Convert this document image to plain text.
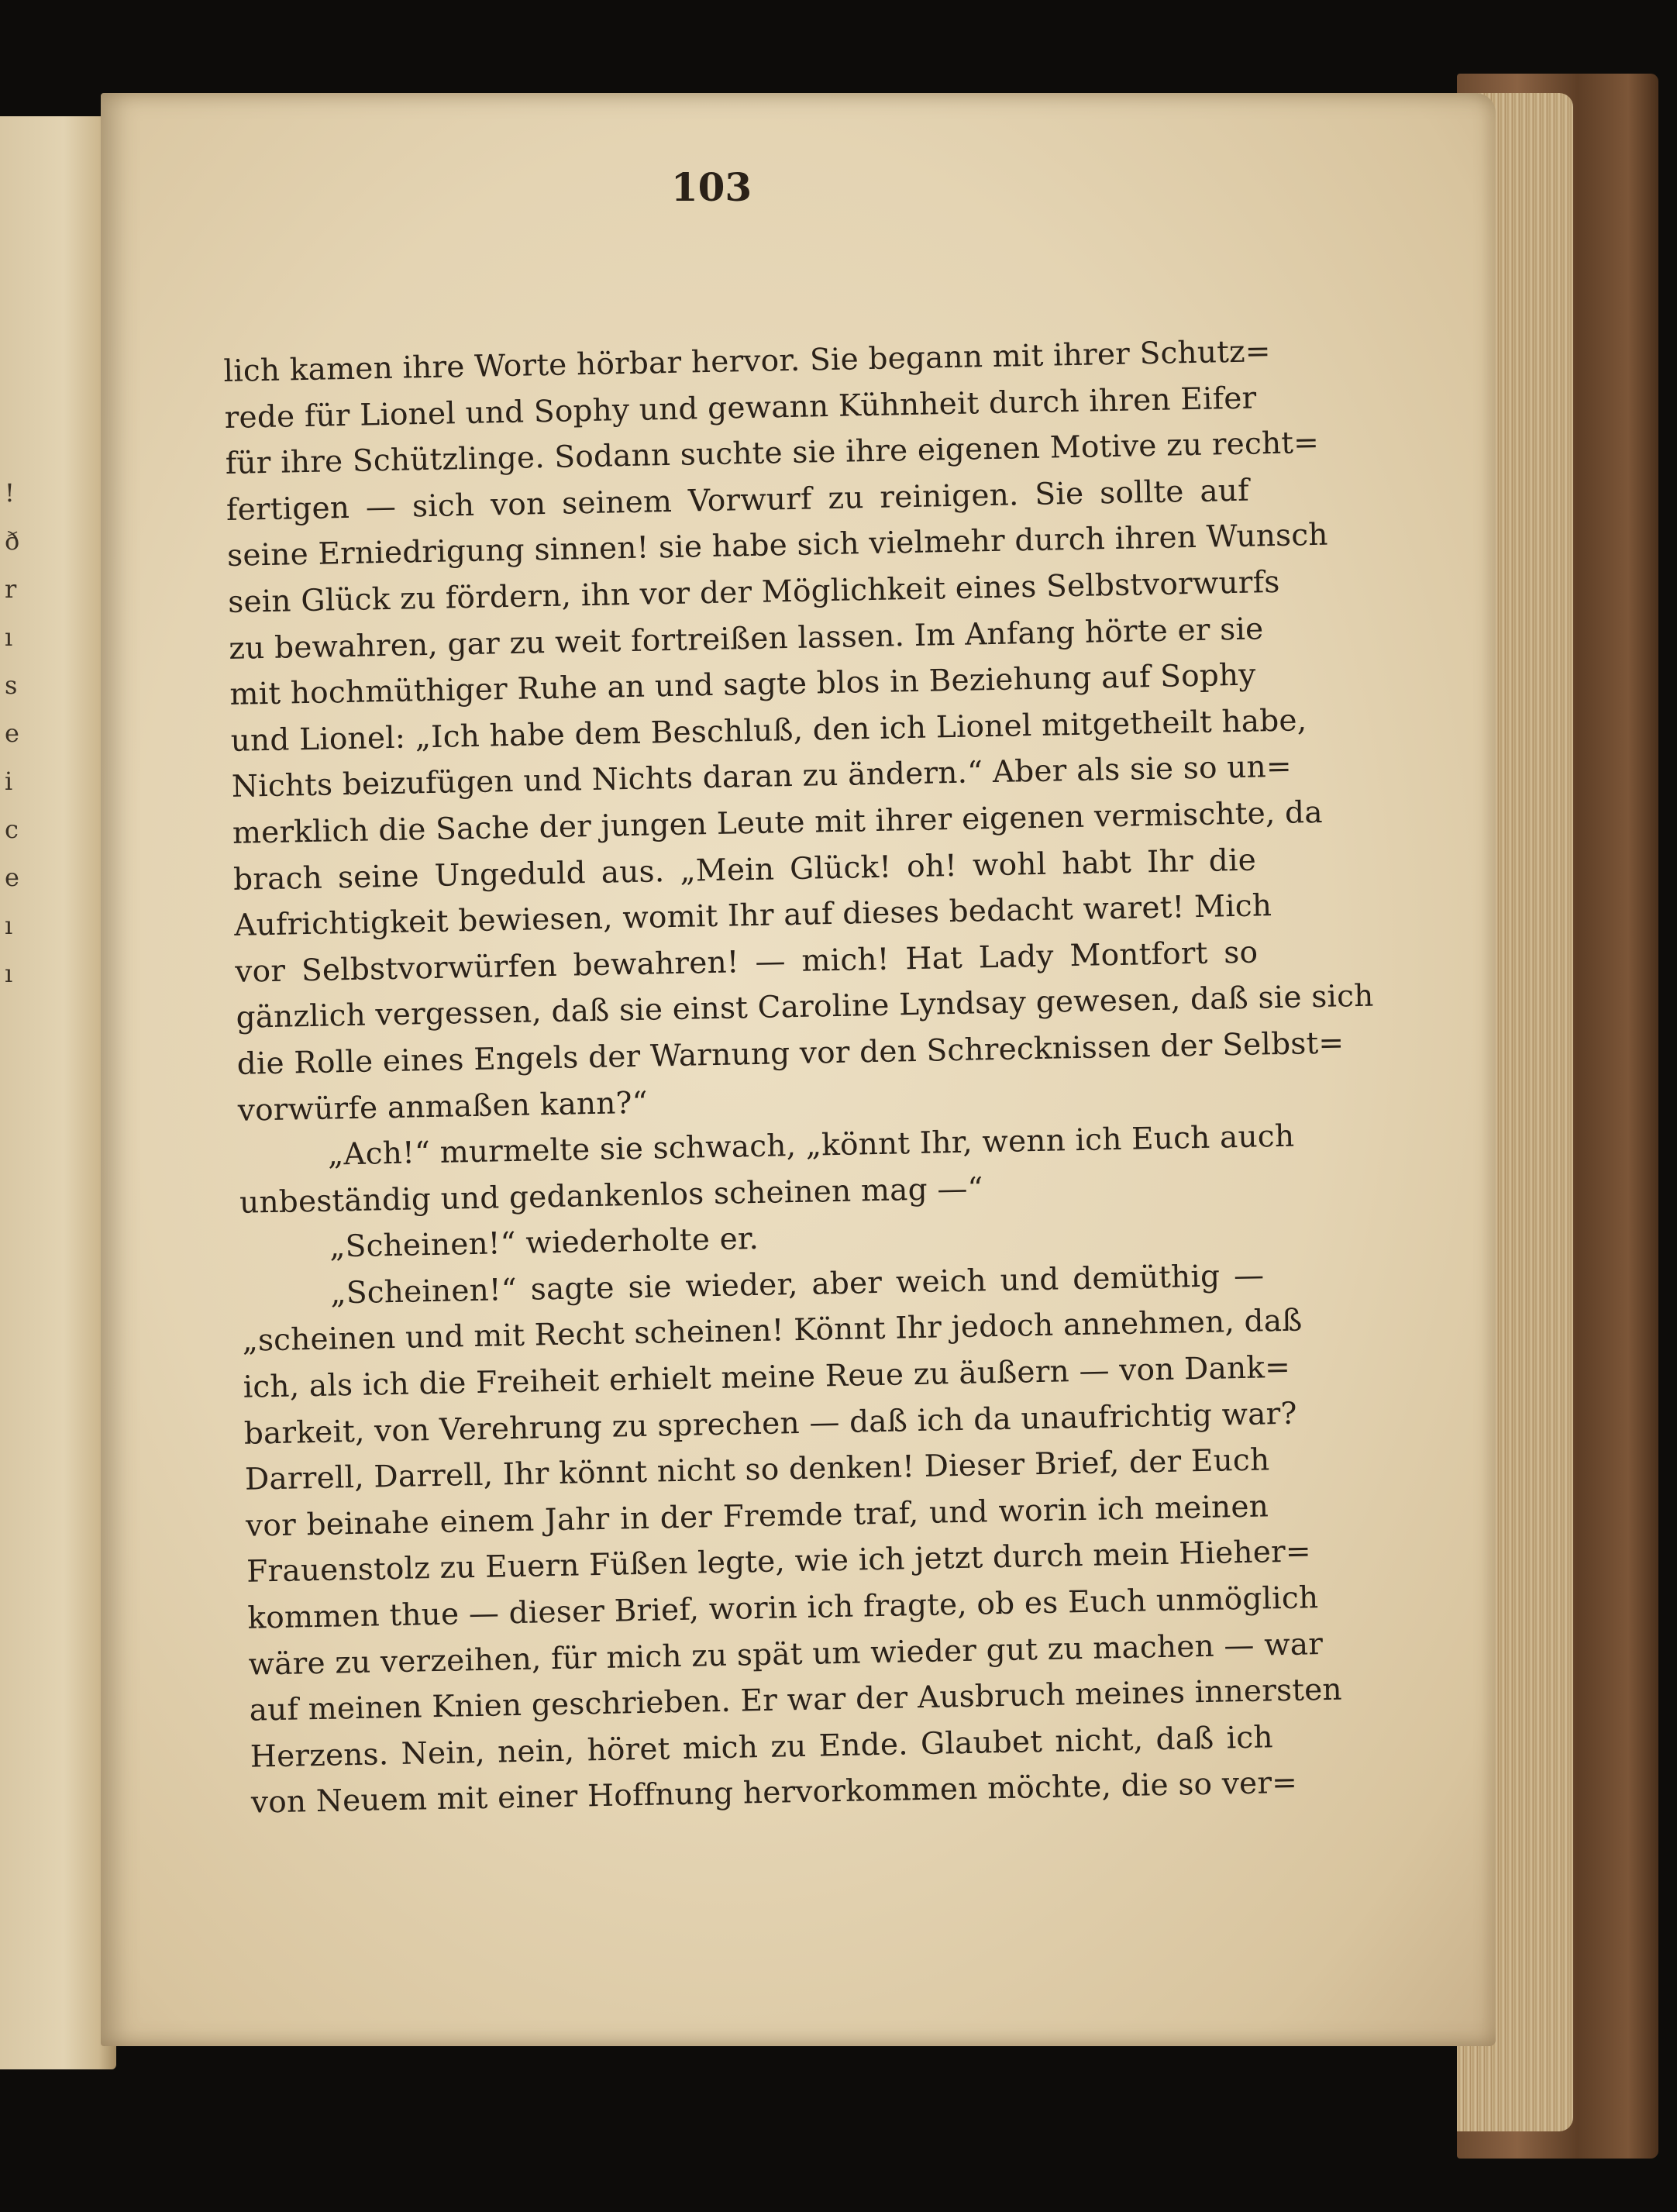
!
ð
r
ı
s
e
i
c
e
ı
ı
103
lich kamen ihre Worte hörbar hervor. Sie begann mit ihrer Schutz=
rede für Lionel und Sophy und gewann Kühnheit durch ihren Eifer
für ihre Schützlinge. Sodann suchte sie ihre eigenen Motive zu recht=
fertigen — sich von seinem Vorwurf zu reinigen. Sie sollte auf
seine Erniedrigung sinnen! sie habe sich vielmehr durch ihren Wunsch
sein Glück zu fördern, ihn vor der Möglichkeit eines Selbstvorwurfs
zu bewahren, gar zu weit fortreißen lassen. Im Anfang hörte er sie
mit hochmüthiger Ruhe an und sagte blos in Beziehung auf Sophy
und Lionel: „Ich habe dem Beschluß, den ich Lionel mitgetheilt habe,
Nichts beizufügen und Nichts daran zu ändern.“ Aber als sie so un=
merklich die Sache der jungen Leute mit ihrer eigenen vermischte, da
brach seine Ungeduld aus. „Mein Glück! oh! wohl habt Ihr die
Aufrichtigkeit bewiesen, womit Ihr auf dieses bedacht waret! Mich
vor Selbstvorwürfen bewahren! — mich! Hat Lady Montfort so
gänzlich vergessen, daß sie einst Caroline Lyndsay gewesen, daß sie sich
die Rolle eines Engels der Warnung vor den Schrecknissen der Selbst=
vorwürfe anmaßen kann?“
„Ach!“ murmelte sie schwach, „könnt Ihr, wenn ich Euch auch
unbeständig und gedankenlos scheinen mag —“
„Scheinen!“ wiederholte er.
„Scheinen!“ sagte sie wieder, aber weich und demüthig —
„scheinen und mit Recht scheinen! Könnt Ihr jedoch annehmen, daß
ich, als ich die Freiheit erhielt meine Reue zu äußern — von Dank=
barkeit, von Verehrung zu sprechen — daß ich da unaufrichtig war?
Darrell, Darrell, Ihr könnt nicht so denken! Dieser Brief, der Euch
vor beinahe einem Jahr in der Fremde traf, und worin ich meinen
Frauenstolz zu Euern Füßen legte, wie ich jetzt durch mein Hieher=
kommen thue — dieser Brief, worin ich fragte, ob es Euch unmöglich
wäre zu verzeihen, für mich zu spät um wieder gut zu machen — war
auf meinen Knien geschrieben. Er war der Ausbruch meines innersten
Herzens. Nein, nein, höret mich zu Ende. Glaubet nicht, daß ich
von Neuem mit einer Hoffnung hervorkommen möchte, die so ver=
